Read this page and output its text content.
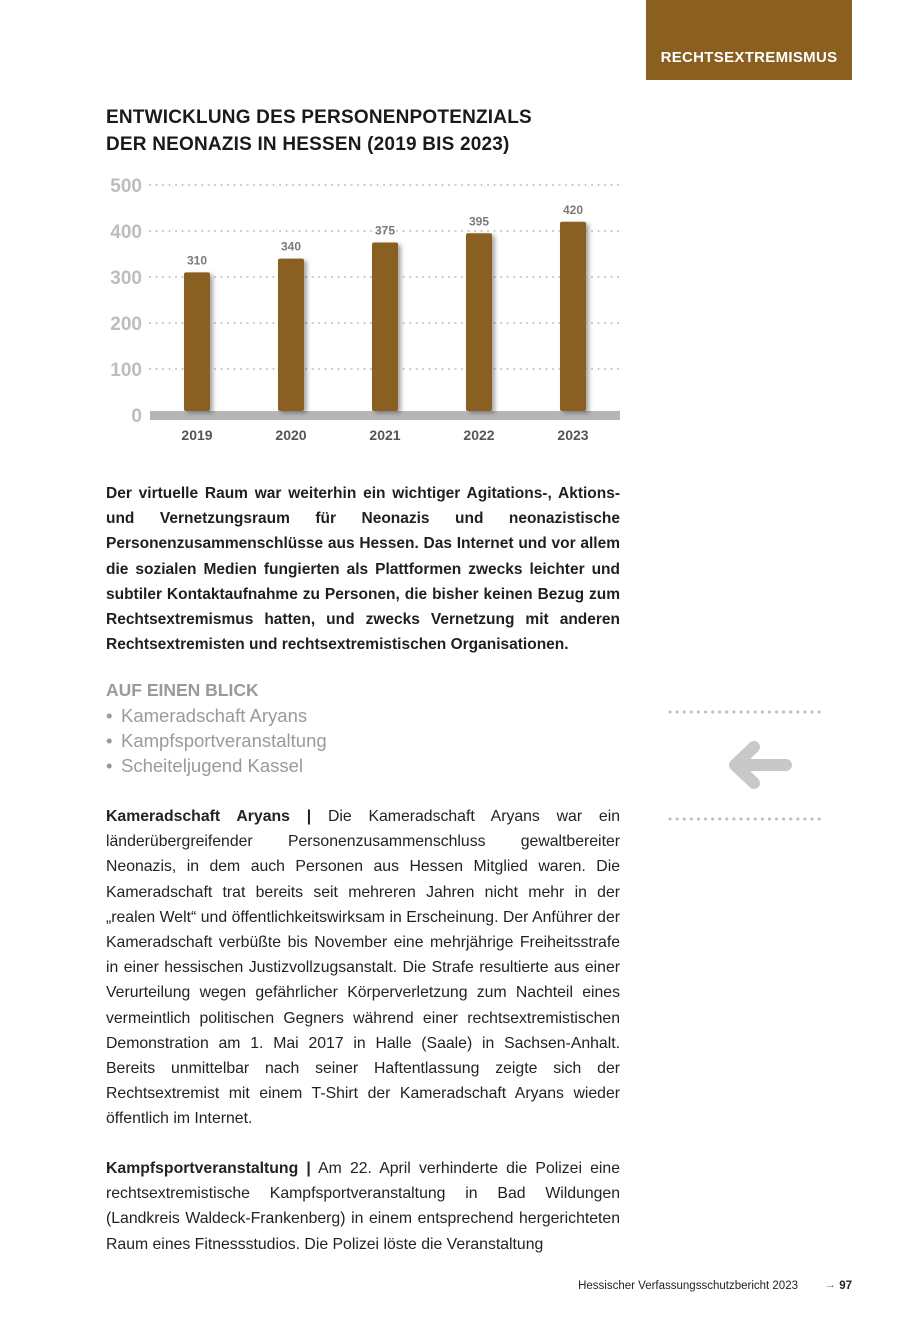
RECHTSEXTREMISMUS
ENTWICKLUNG DES PERSONENPOTENZIALS
DER NEONAZIS IN HESSEN (2019 BIS 2023)
0
100
200
300
400
500
310
2019
340
2020
375
2021
395
2022
420
2023

Der virtuelle Raum war weiterhin ein wichtiger Agitations-, Aktions- und Vernetzungsraum für Neonazis und neonazistische Personenzusammenschlüsse aus Hessen. Das Internet und vor allem die sozialen Medien fungierten als Plattformen zwecks leichter und subtiler Kontaktaufnahme zu Personen, die bisher keinen Bezug zum Rechtsextremismus hatten, und zwecks Vernetzung mit anderen Rechtsextremisten und rechtsextremistischen Organisationen.

AUF EINEN BLICK

• Kameradschaft Aryans
• Kampfsportveranstaltung
• Scheiteljugend Kassel

Kameradschaft Aryans | Die Kameradschaft Aryans war ein länderübergreifender Personenzusammenschluss gewaltbereiter Neonazis, in dem auch Personen aus Hessen Mitglied waren. Die Kameradschaft trat bereits seit mehreren Jahren nicht mehr in der „realen Welt“ und öffentlichkeitswirksam in Erscheinung. Der Anführer der Kameradschaft verbüßte bis November eine mehrjährige Freiheitsstrafe in einer hessischen Justizvollzugsanstalt. Die Strafe resultierte aus einer Verurteilung wegen gefährlicher Körperverletzung zum Nachteil eines vermeintlich politischen Gegners während einer rechtsextremistischen Demonstration am 1. Mai 2017 in Halle (Saale) in Sachsen-Anhalt. Bereits unmittelbar nach seiner Haftentlassung zeigte sich der Rechtsextremist mit einem T-Shirt der Kameradschaft Aryans wieder öffentlich im Internet.

Kampfsportveranstaltung | Am 22. April verhinderte die Polizei eine rechtsextremistische Kampfsportveranstaltung in Bad Wildungen (Landkreis Waldeck-Frankenberg) in einem entsprechend hergerichteten Raum eines Fitnessstudios. Die Polizei löste die Veranstaltung

Hessischer Verfassungsschutzbericht 2023 → 97
